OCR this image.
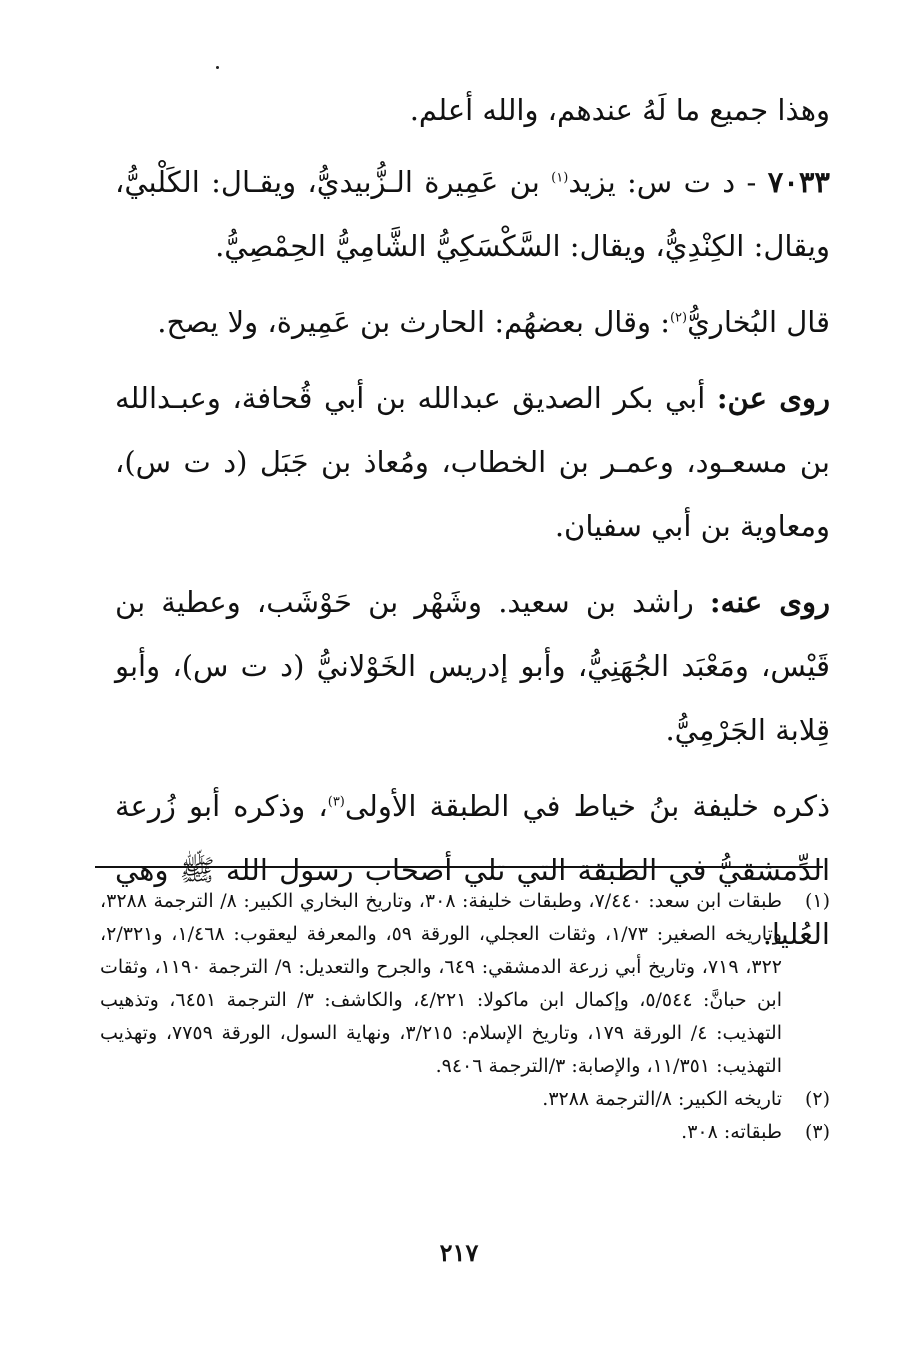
وهذا جميع ما لَهُ عندهم، والله أعلم.

٧٠٣٣ - د ت س: يزيد$^{(١)}$ بن عَمِيرة الـزُّبيديُّ، ويقـال: الكَلْبيُّ، ويقال: الكِنْدِيُّ، ويقال: السَّكْسَكِيُّ الشَّامِيُّ الحِمْصِيُّ.

قال البُخاريُّ$^{(٢)}$: وقال بعضهُم: الحارث بن عَمِيرة، ولا يصح.

روى عن: أبي بكر الصديق عبدالله بن أبي قُحافة، وعبـدالله بن مسعـود، وعمـر بن الخطاب، ومُعاذ بن جَبَل (د ت س)، ومعاوية بن أبي سفيان.

روى عنه: راشد بن سعيد. وشَهْر بن حَوْشَب، وعطية بن قَيْس، ومَعْبَد الجُهَنِيُّ، وأبو إدريس الخَوْلانيُّ (د ت س)، وأبو قِلابة الجَرْمِيُّ.

ذكره خليفة بنُ خياط في الطبقة الأولى$^{(٣)}$، وذكره أبو زُرعة الدِّمشقيُّ في الطبقة التي تلي أصحاب رسول الله ﷺ وهي العُليا.

(١)
طبقات ابن سعد: ٧/٤٤٠، وطبقات خليفة: ٣٠٨، وتاريخ البخاري الكبير: ٨/ الترجمة ٣٢٨٨، وتاريخه الصغير: ١/٧٣، وثقات العجلي، الورقة ٥٩، والمعرفة ليعقوب: ١/٤٦٨، و٢/٣٢١، ٣٢٢، ٧١٩، وتاريخ أبي زرعة الدمشقي: ٦٤٩، والجرح والتعديل: ٩/ الترجمة ١١٩٠، وثقات ابن حبانَّ: ٥/٥٤٤، وإكمال ابن ماكولا: ٤/٢٢١، والكاشف: ٣/ الترجمة ٦٤٥١، وتذهيب التهذيب: ٤/ الورقة ١٧٩، وتاريخ الإسلام: ٣/٢١٥، ونهاية السول، الورقة ٧٧٥٩، وتهذيب التهذيب: ١١/٣٥١، والإصابة: ٣/الترجمة ٩٤٠٦.
(٢)
تاريخه الكبير: ٨/الترجمة ٣٢٨٨.
(٣)
طبقاته: ٣٠٨.
٢١٧
